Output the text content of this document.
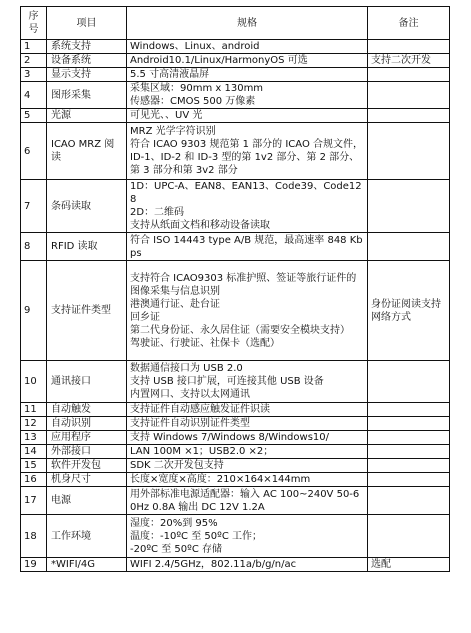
序号	项目	规格	备注
1	系统支持	Windows、Linux、android	

2	设备系统	Android10.1/Linux/HarmonyOS 可选	支持二次开发
3	显示支持	5.5 寸高清液晶屏	

4	图形采集	采集区域：90mm x 130mm
传感器：CMOS 500 万像素	

5	光源	可见光、、UV 光	

6	ICAO MRZ 阅读	MRZ 光学字符识别
符合 ICAO 9303 规范第 1 部分的 ICAO 合规文件，ID-1、ID-2 和 ID-3 型的第 1v2 部分、第 2 部分、第 3 部分和第 3v2 部分	

7	条码读取	1D：UPC-A、EAN8、EAN13、Code39、Code128
2D：二维码
支持从纸面文档和移动设备读取	

8	RFID 读取	符合 ISO 14443 type A/B 规范，最高速率 848 Kbps	

9	支持证件类型	支持符合 ICAO9303 标准护照、签证等旅行证件的图像采集与信息识别
港澳通行证、赴台证
回乡证
第二代身份证、永久居住证（需要安全模块支持）
驾驶证、行驶证、社保卡（选配）	身份证阅读支持网络方式
10	通讯接口	数据通信接口为 USB 2.0
支持 USB 接口扩展，可连接其他 USB 设备
内置网口、支持以太网通讯	

11	自动触发	支持证件自动感应触发证件识读	

12	自动识别	支持证件自动识别证件类型	

13	应用程序	支持 Windows 7/Windows 8/Windows10/	

14	外部接口	LAN 100M ×1；USB2.0 ×2；	

15	软件开发包	SDK 二次开发包支持	

16	机身尺寸	长度×宽度×高度：210×164×144mm	

17	电源	用外部标准电源适配器：输入 AC 100~240V 50-60Hz 0.8A 输出 DC 12V 1.2A	

18	工作环境	湿度：20%到 95%
温度：-10ºC 至 50ºC 工作；
-20ºC 至 50ºC 存储	

19	*WIFI/4G	WIFI 2.4/5GHz，802.11a/b/g/n/ac	选配
